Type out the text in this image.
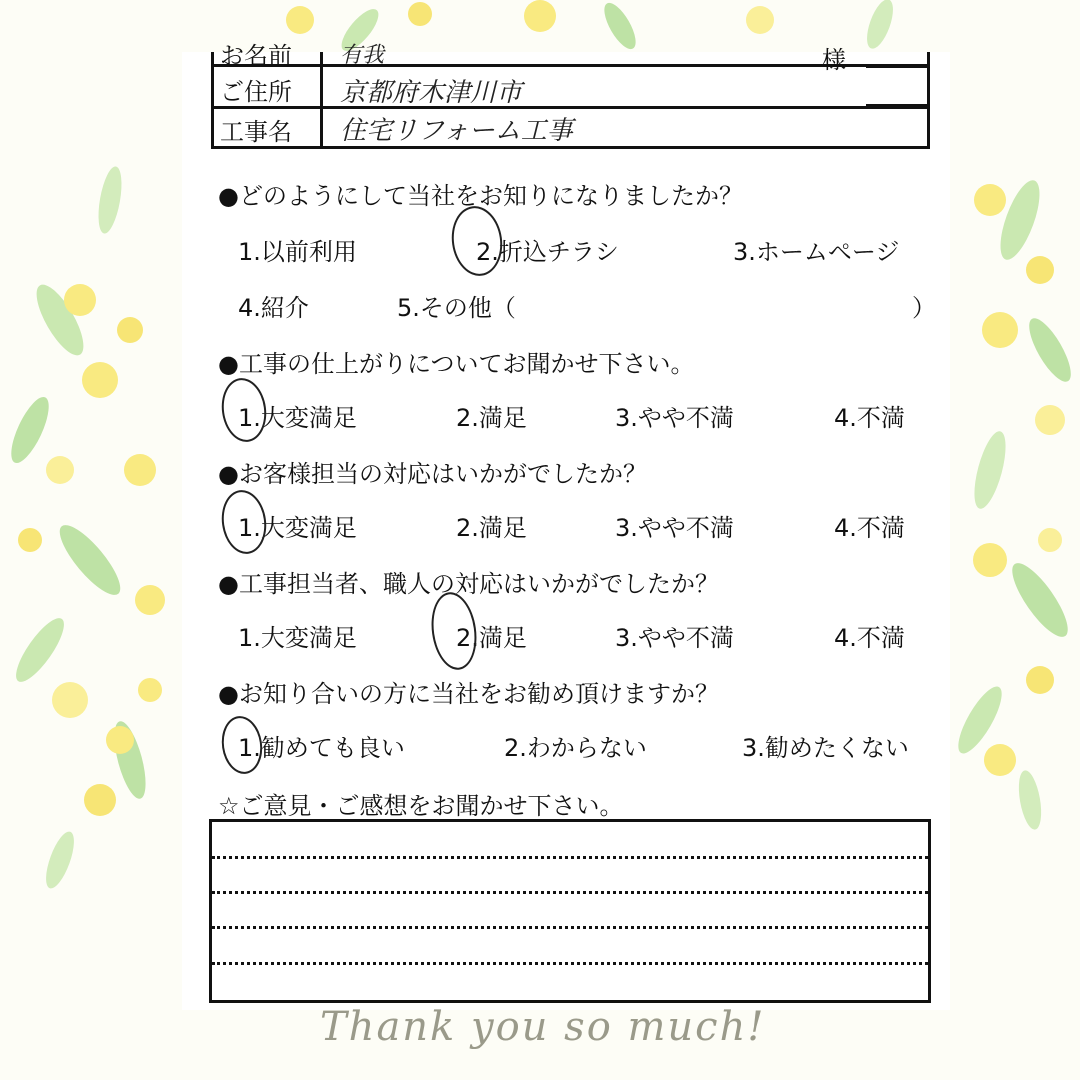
お名前 有我	様
ご住所 京都府木津川市
工事名 住宅リフォーム工事
●どのようにして当社をお知りになりましたか？
1.以前利用	2.折込チラシ	3.ホームページ
4.紹介	5.その他（	）
●工事の仕上がりについてお聞かせ下さい。
1.大変満足	2.満足	3.やや不満	4.不満
●お客様担当の対応はいかがでしたか？
1.大変満足	2.満足	3.やや不満	4.不満
●工事担当者、職人の対応はいかがでしたか？
1.大変満足	2.満足	3.やや不満	4.不満
●お知り合いの方に当社をお勧め頂けますか？
1.勧めても良い	2.わからない	3.勧めたくない
☆ご意見・ご感想をお聞かせ下さい。
Thank you so much!
